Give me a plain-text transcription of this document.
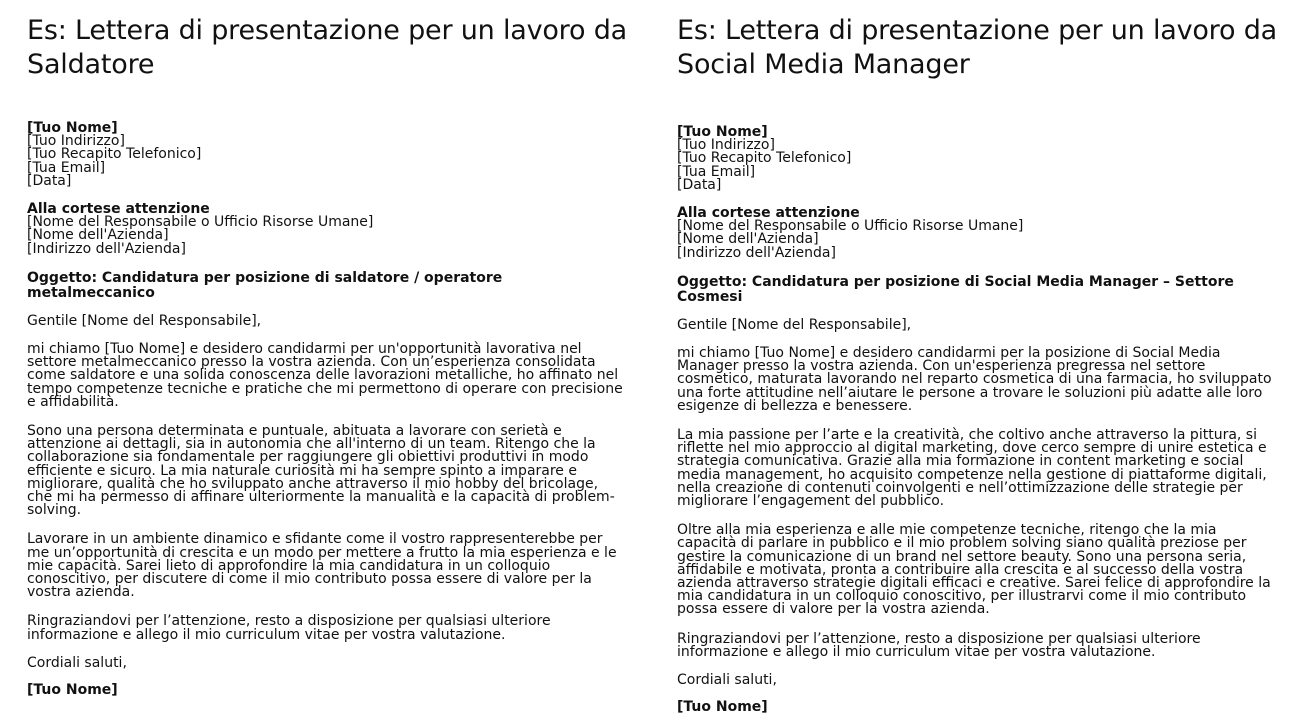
Es: Lettera di presentazione per un lavoro da Saldatore

[Tuo Nome]

[Tuo Indirizzo]

[Tuo Recapito Telefonico]

[Tua Email]

[Data]

Alla cortese attenzione

[Nome del Responsabile o Ufficio Risorse Umane]

[Nome dell'Azienda]

[Indirizzo dell'Azienda]

Oggetto: Candidatura per posizione di saldatore / operatore metalmeccanico

Gentile [Nome del Responsabile],

mi chiamo [Tuo Nome] e desidero candidarmi per un'opportunità lavorativa nel settore metalmeccanico presso la vostra azienda. Con un’esperienza consolidata come saldatore e una solida conoscenza delle lavorazioni metalliche, ho affinato nel tempo competenze tecniche e pratiche che mi permettono di operare con precisione e affidabilità.

Sono una persona determinata e puntuale, abituata a lavorare con serietà e attenzione ai dettagli, sia in autonomia che all'interno di un team. Ritengo che la collaborazione sia fondamentale per raggiungere gli obiettivi produttivi in modo efficiente e sicuro. La mia naturale curiosità mi ha sempre spinto a imparare e migliorare, qualità che ho sviluppato anche attraverso il mio hobby del bricolage, che mi ha permesso di affinare ulteriormente la manualità e la capacità di problem-solving.

Lavorare in un ambiente dinamico e sfidante come il vostro rappresenterebbe per me un’opportunità di crescita e un modo per mettere a frutto la mia esperienza e le mie capacità. Sarei lieto di approfondire la mia candidatura in un colloquio conoscitivo, per discutere di come il mio contributo possa essere di valore per la vostra azienda.

Ringraziandovi per l’attenzione, resto a disposizione per qualsiasi ulteriore informazione e allego il mio curriculum vitae per vostra valutazione.

Cordiali saluti,

[Tuo Nome]

Es: Lettera di presentazione per un lavoro da Social Media Manager

[Tuo Nome]

[Tuo Indirizzo]

[Tuo Recapito Telefonico]

[Tua Email]

[Data]

Alla cortese attenzione

[Nome del Responsabile o Ufficio Risorse Umane]

[Nome dell'Azienda]

[Indirizzo dell'Azienda]

Oggetto: Candidatura per posizione di Social Media Manager – Settore Cosmesi

Gentile [Nome del Responsabile],

mi chiamo [Tuo Nome] e desidero candidarmi per la posizione di Social Media Manager presso la vostra azienda. Con un'esperienza pregressa nel settore cosmetico, maturata lavorando nel reparto cosmetica di una farmacia, ho sviluppato una forte attitudine nell’aiutare le persone a trovare le soluzioni più adatte alle loro esigenze di bellezza e benessere.

La mia passione per l’arte e la creatività, che coltivo anche attraverso la pittura, si riflette nel mio approccio al digital marketing, dove cerco sempre di unire estetica e strategia comunicativa. Grazie alla mia formazione in content marketing e social media management, ho acquisito competenze nella gestione di piattaforme digitali, nella creazione di contenuti coinvolgenti e nell’ottimizzazione delle strategie per migliorare l’engagement del pubblico.

Oltre alla mia esperienza e alle mie competenze tecniche, ritengo che la mia capacità di parlare in pubblico e il mio problem solving siano qualità preziose per gestire la comunicazione di un brand nel settore beauty. Sono una persona seria, affidabile e motivata, pronta a contribuire alla crescita e al successo della vostra azienda attraverso strategie digitali efficaci e creative. Sarei felice di approfondire la mia candidatura in un colloquio conoscitivo, per illustrarvi come il mio contributo possa essere di valore per la vostra azienda.

Ringraziandovi per l’attenzione, resto a disposizione per qualsiasi ulteriore informazione e allego il mio curriculum vitae per vostra valutazione.

Cordiali saluti,

[Tuo Nome]
